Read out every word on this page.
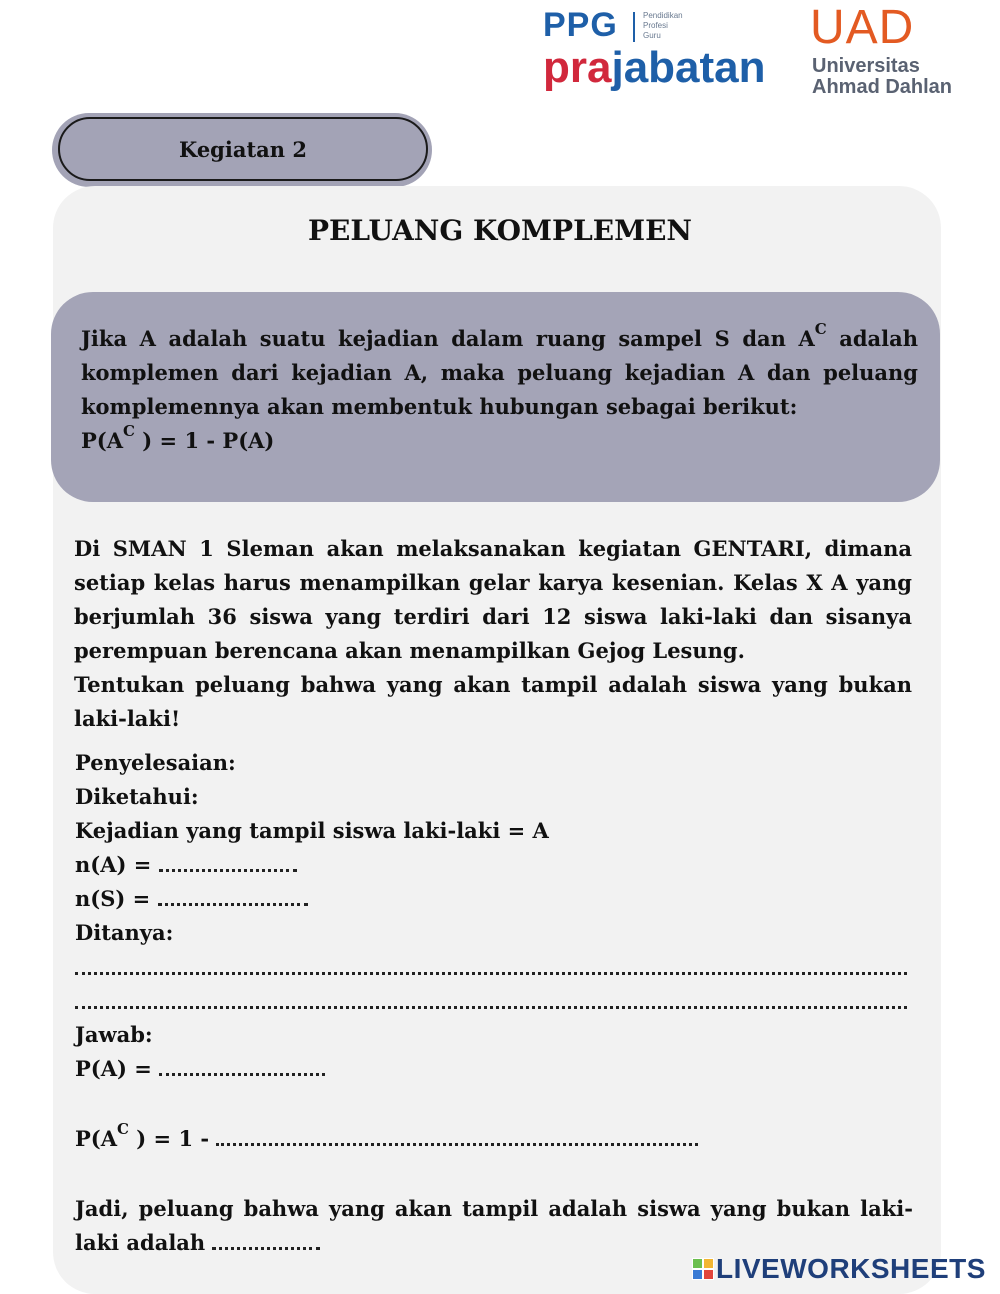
PPG	Pendidikan
Profesi
Guru
prajabatan
UAD
Universitas
Ahmad Dahlan
Kegiatan 2
PELUANG KOMPLEMEN

Jika A adalah suatu kejadian dalam ruang sampel S dan $A^C$ adalah komplemen dari kejadian A, maka peluang kejadian A dan peluang komplemennya akan membentuk hubungan sebagai berikut:

$P(A^C$ ) = 1 - P(A)

Di SMAN 1 Sleman akan melaksanakan kegiatan GENTARI, dimana setiap kelas harus menampilkan gelar karya kesenian. Kelas X A yang berjumlah 36 siswa yang terdiri dari 12 siswa laki-laki dan sisanya perempuan berencana akan menampilkan Gejog Lesung.

Tentukan peluang bahwa yang akan tampil adalah siswa yang bukan laki-laki!

Penyelesaian:
Diketahui:
Kejadian yang tampil siswa laki-laki = A
n(A) =
n(S) =
Ditanya:
Jawab:
P(A) =
$P(A^C$ ) = 1 -
Jadi, peluang bahwa yang akan tampil adalah siswa yang bukan laki-laki adalah
LIVEWORKSHEETS
